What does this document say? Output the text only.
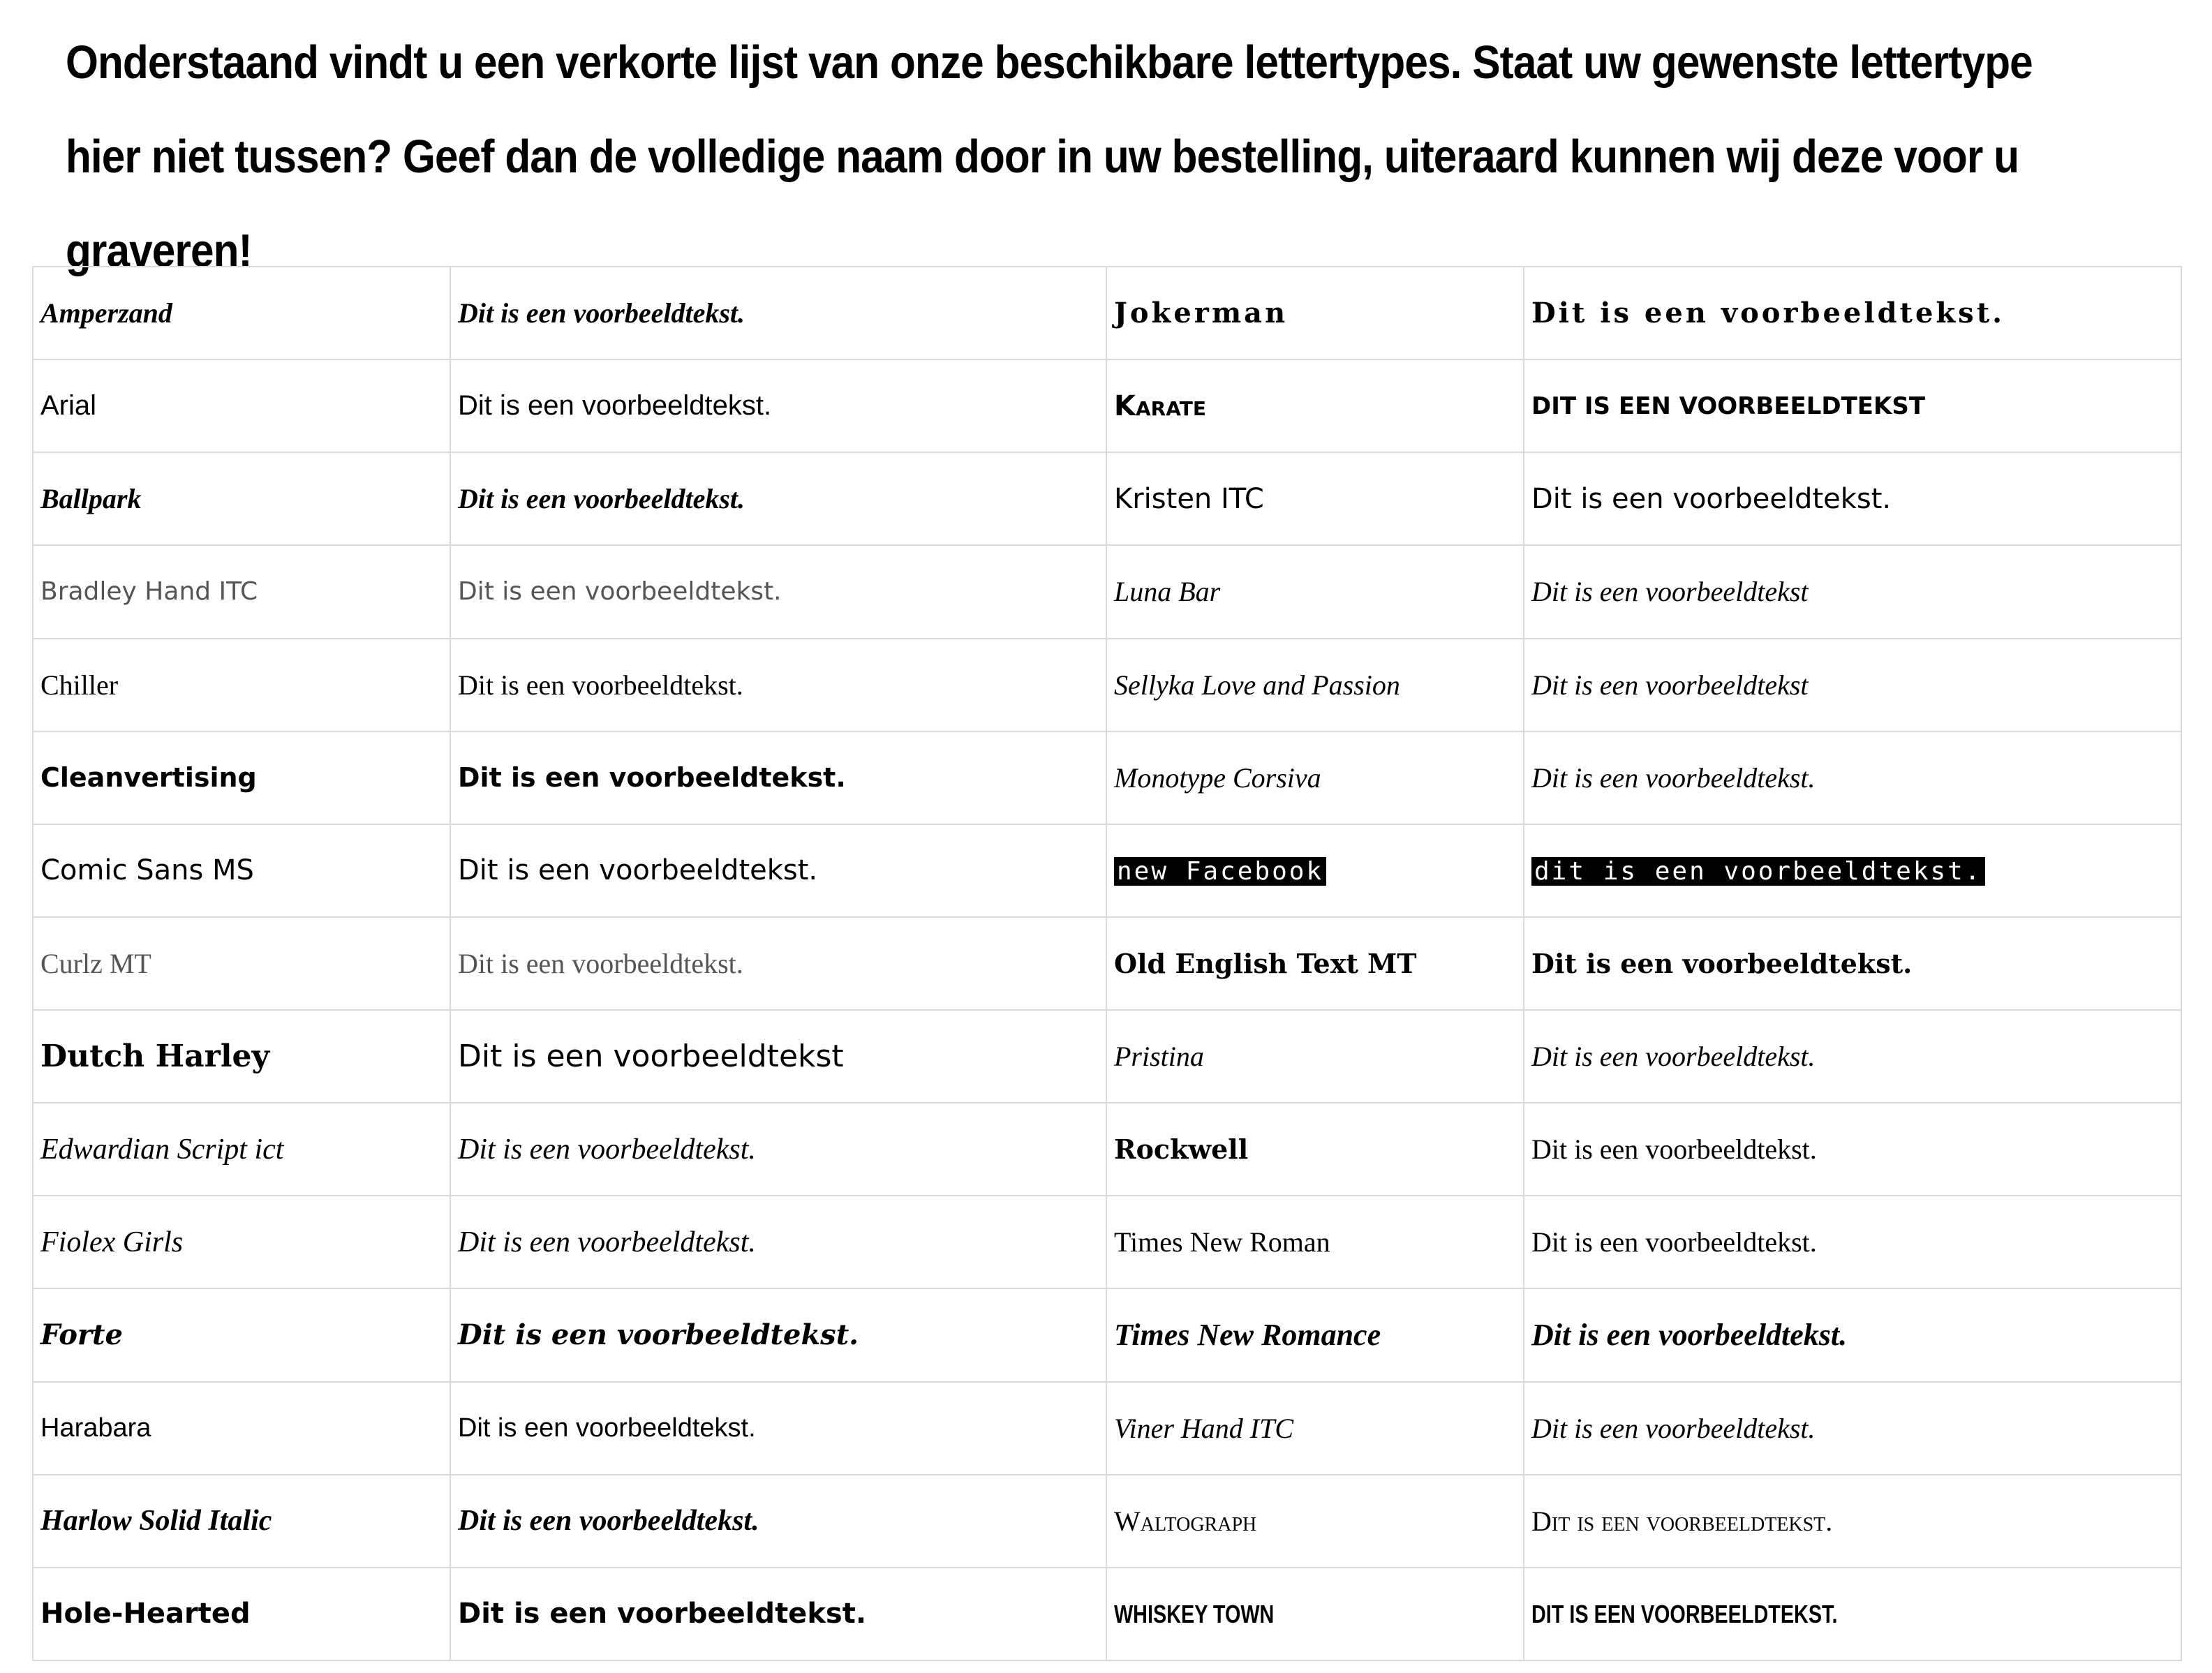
Onderstaand vindt u een verkorte lijst van onze beschikbare lettertypes. Staat uw gewenste lettertype
hier niet tussen? Geef dan de volledige naam door in uw bestelling, uiteraard kunnen wij deze voor u
graveren!
Amperzand	Dit is een voorbeeldtekst.	Jokerman	Dit is een voorbeeldtekst.
Arial	Dit is een voorbeeldtekst.	Karate	DIT IS EEN VOORBEELDTEKST
Ballpark	Dit is een voorbeeldtekst.	Kristen ITC	Dit is een voorbeeldtekst.
Bradley Hand ITC	Dit is een voorbeeldtekst.	Luna Bar	Dit is een voorbeeldtekst
Chiller	Dit is een voorbeeldtekst.	Sellyka Love and Passion	Dit is een voorbeeldtekst
Cleanvertising	Dit is een voorbeeldtekst.	Monotype Corsiva	Dit is een voorbeeldtekst.
Comic Sans MS	Dit is een voorbeeldtekst.	new Facebook	dit is een voorbeeldtekst.
Curlz MT	Dit is een voorbeeldtekst.	Old English Text MT	Dit is een voorbeeldtekst.
Dutch Harley	Dit is een voorbeeldtekst	Pristina	Dit is een voorbeeldtekst.
Edwardian Script ict	Dit is een voorbeeldtekst.	Rockwell	Dit is een voorbeeldtekst.
Fiolex Girls	Dit is een voorbeeldtekst.	Times New Roman	Dit is een voorbeeldtekst.
Forte	Dit is een voorbeeldtekst.	Times New Romance	Dit is een voorbeeldtekst.
Harabara	Dit is een voorbeeldtekst.	Viner Hand ITC	Dit is een voorbeeldtekst.
Harlow Solid Italic	Dit is een voorbeeldtekst.	Waltograph	Dit is een voorbeeldtekst.
Hole-Hearted	Dit is een voorbeeldtekst.	WHISKEY TOWN	DIT IS EEN VOORBEELDTEKST.
